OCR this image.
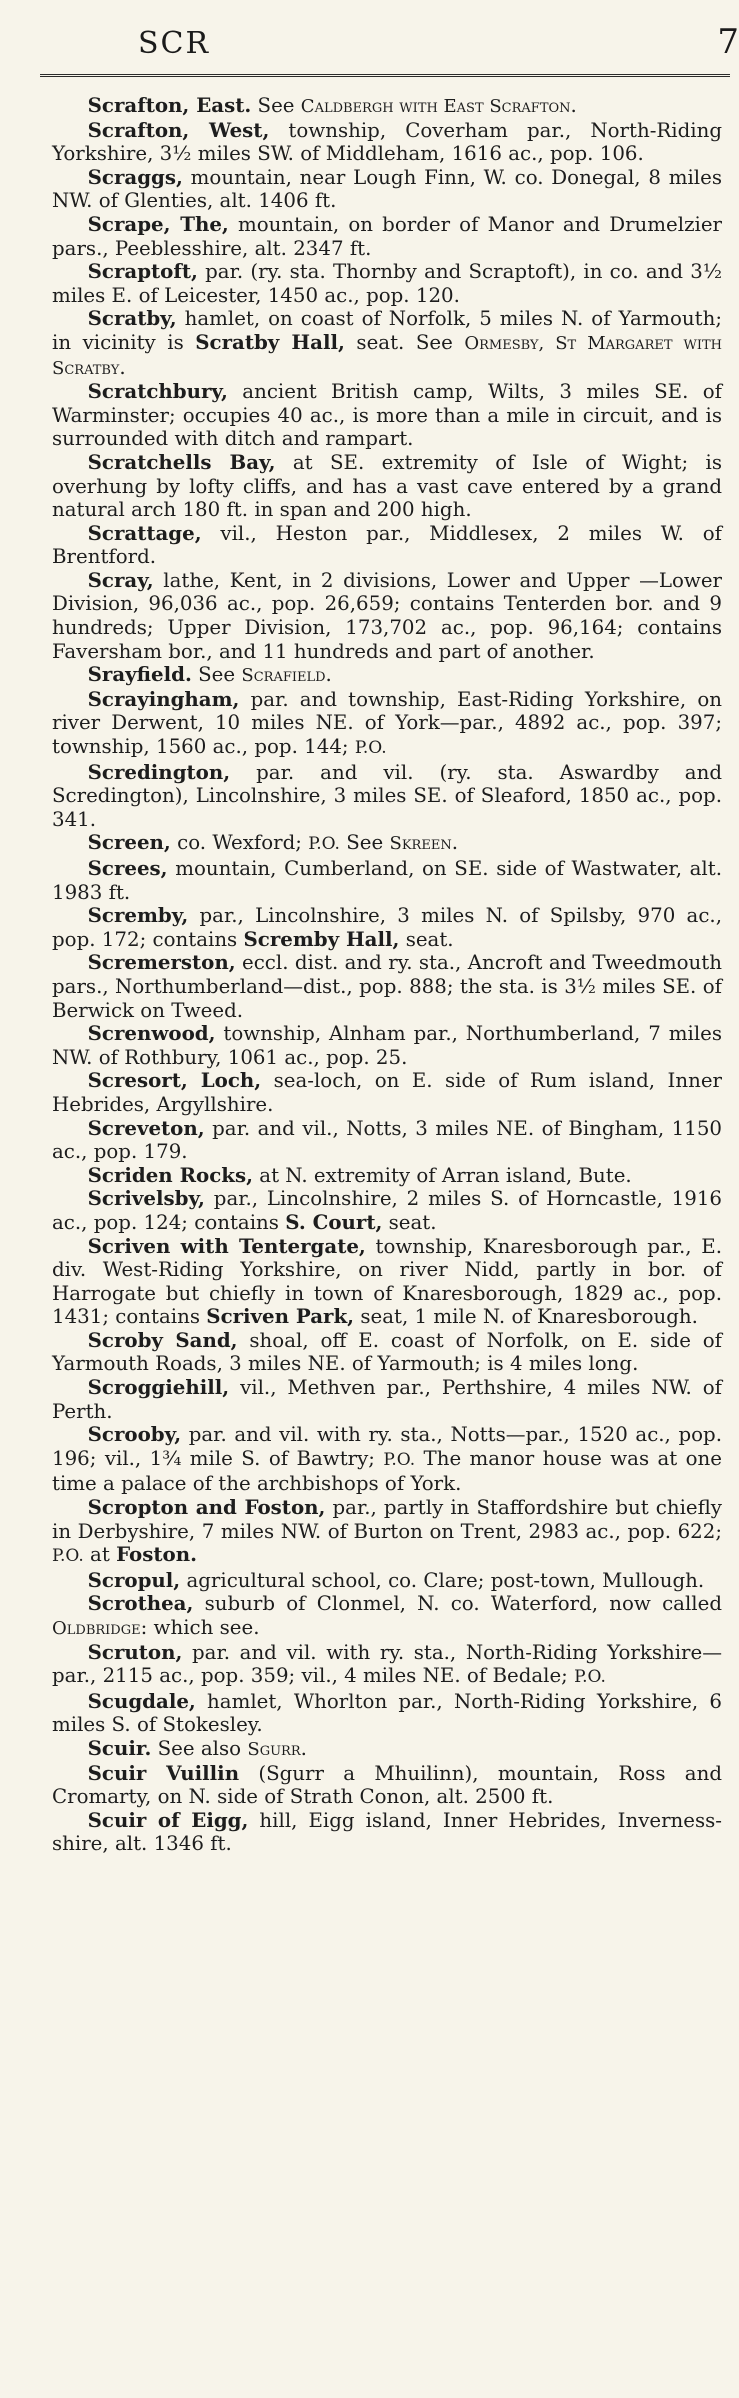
SCR	7

Scrafton, East. See Caldbergh with East Scrafton.

Scrafton, West, township, Coverham par., North-Riding Yorkshire, 3½ miles SW. of Middleham, 1616 ac., pop. 106.

Scraggs, mountain, near Lough Finn, W. co. Donegal, 8 miles NW. of Glenties, alt. 1406 ft.

Scrape, The, mountain, on border of Manor and Drumelzier pars., Peeblesshire, alt. 2347 ft.

Scraptoft, par. (ry. sta. Thornby and Scraptoft), in co. and 3½ miles E. of Leicester, 1450 ac., pop. 120.

Scratby, hamlet, on coast of Norfolk, 5 miles N. of Yarmouth; in vicinity is Scratby Hall, seat. See Ormesby, St Margaret with Scratby.

Scratchbury, ancient British camp, Wilts, 3 miles SE. of Warminster; occupies 40 ac., is more than a mile in circuit, and is surrounded with ditch and rampart.

Scratchells Bay, at SE. extremity of Isle of Wight; is overhung by lofty cliffs, and has a vast cave entered by a grand natural arch 180 ft. in span and 200 high.

Scrattage, vil., Heston par., Middlesex, 2 miles W. of Brentford.

Scray, lathe, Kent, in 2 divisions, Lower and Upper —Lower Division, 96,036 ac., pop. 26,659; contains Tenterden bor. and 9 hundreds; Upper Division, 173,702 ac., pop. 96,164; contains Faversham bor., and 11 hundreds and part of another.

Srayfield. See Scrafield.

Scrayingham, par. and township, East-Riding Yorkshire, on river Derwent, 10 miles NE. of York—par., 4892 ac., pop. 397; township, 1560 ac., pop. 144; P.O.

Scredington, par. and vil. (ry. sta. Aswardby and Scredington), Lincolnshire, 3 miles SE. of Sleaford, 1850 ac., pop. 341.

Screen, co. Wexford; P.O. See Skreen.

Screes, mountain, Cumberland, on SE. side of Wastwater, alt. 1983 ft.

Scremby, par., Lincolnshire, 3 miles N. of Spilsby, 970 ac., pop. 172; contains Scremby Hall, seat.

Scremerston, eccl. dist. and ry. sta., Ancroft and Tweedmouth pars., Northumberland—dist., pop. 888; the sta. is 3½ miles SE. of Berwick on Tweed.

Screnwood, township, Alnham par., Northumberland, 7 miles NW. of Rothbury, 1061 ac., pop. 25.

Scresort, Loch, sea-loch, on E. side of Rum island, Inner Hebrides, Argyllshire.

Screveton, par. and vil., Notts, 3 miles NE. of Bingham, 1150 ac., pop. 179.

Scriden Rocks, at N. extremity of Arran island, Bute.

Scrivelsby, par., Lincolnshire, 2 miles S. of Horncastle, 1916 ac., pop. 124; contains S. Court, seat.

Scriven with Tentergate, township, Knaresborough par., E. div. West-Riding Yorkshire, on river Nidd, partly in bor. of Harrogate but chiefly in town of Knaresborough, 1829 ac., pop. 1431; contains Scriven Park, seat, 1 mile N. of Knaresborough.

Scroby Sand, shoal, off E. coast of Norfolk, on E. side of Yarmouth Roads, 3 miles NE. of Yarmouth; is 4 miles long.

Scroggiehill, vil., Methven par., Perthshire, 4 miles NW. of Perth.

Scrooby, par. and vil. with ry. sta., Notts—par., 1520 ac., pop. 196; vil., 1¾ mile S. of Bawtry; P.O. The manor house was at one time a palace of the archbishops of York.

Scropton and Foston, par., partly in Staffordshire but chiefly in Derbyshire, 7 miles NW. of Burton on Trent, 2983 ac., pop. 622; P.O. at Foston.

Scropul, agricultural school, co. Clare; post-town, Mullough.

Scrothea, suburb of Clonmel, N. co. Waterford, now called Oldbridge: which see.

Scruton, par. and vil. with ry. sta., North-Riding Yorkshire—par., 2115 ac., pop. 359; vil., 4 miles NE. of Bedale; P.O.

Scugdale, hamlet, Whorlton par., North-Riding Yorkshire, 6 miles S. of Stokesley.

Scuir. See also Sgurr.

Scuir Vuillin (Sgurr a Mhuilinn), mountain, Ross and Cromarty, on N. side of Strath Conon, alt. 2500 ft.

Scuir of Eigg, hill, Eigg island, Inner Hebrides, Inverness-shire, alt. 1346 ft.
